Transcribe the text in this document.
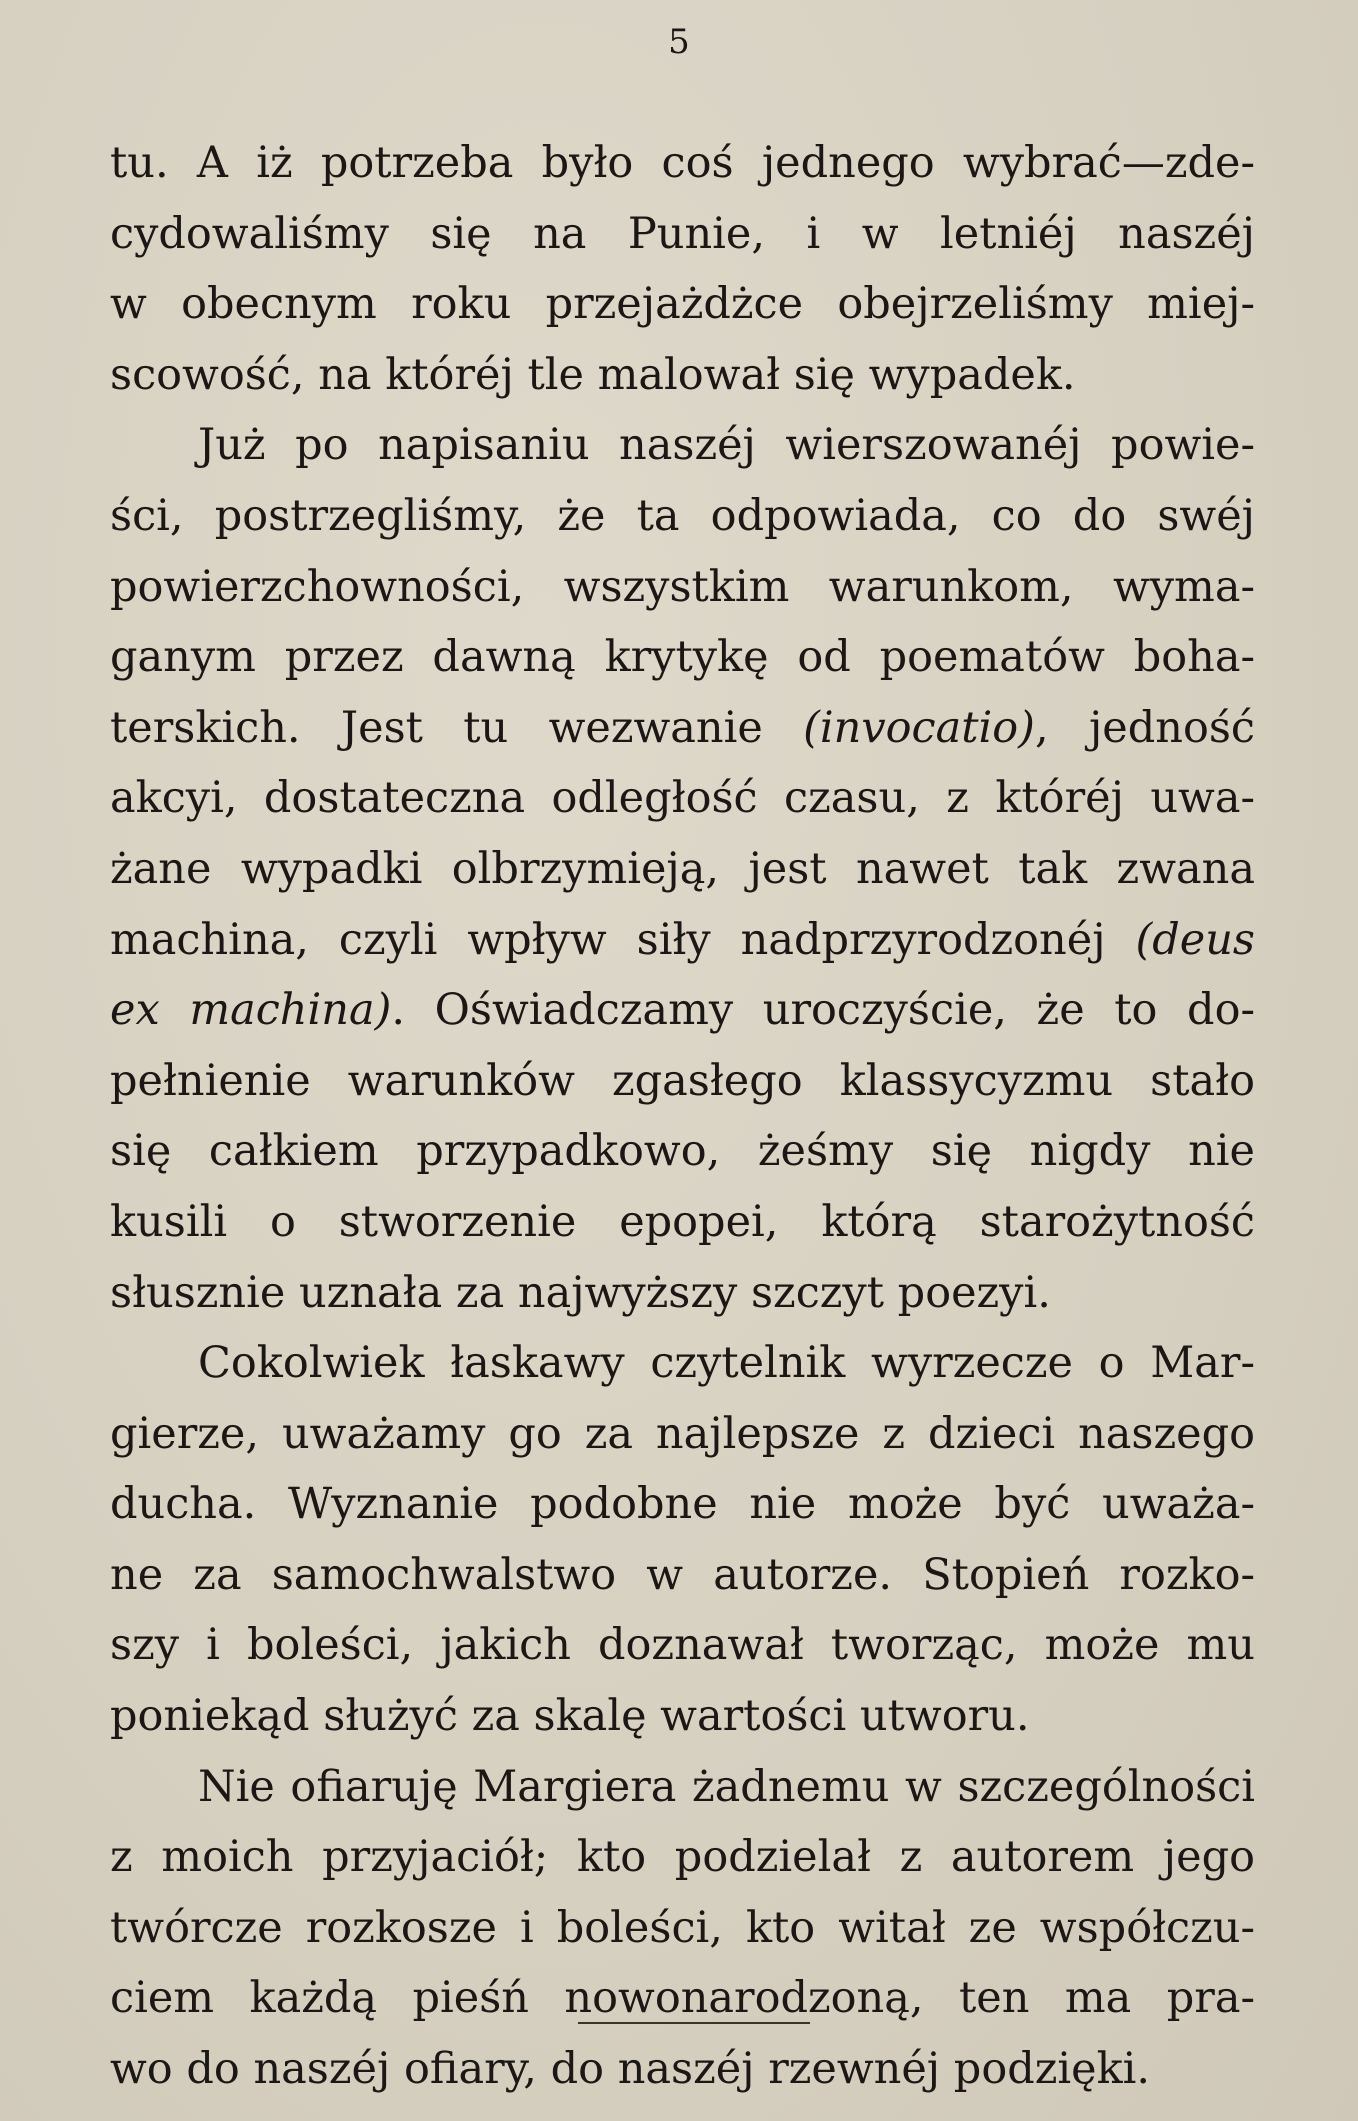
5
tu. A iż potrzeba było coś jednego wybrać—zde-
cydowaliśmy się na Punie, i w letniéj naszéj
w obecnym roku przejażdżce obejrzeliśmy miej-
scowość, na któréj tle malował się wypadek.
Już po napisaniu naszéj wierszowanéj powie-
ści, postrzegliśmy, że ta odpowiada, co do swéj
powierzchowności, wszystkim warunkom, wyma-
ganym przez dawną krytykę od poematów boha-
terskich. Jest tu wezwanie (invocatio), jedność
akcyi, dostateczna odległość czasu, z któréj uwa-
żane wypadki olbrzymieją, jest nawet tak zwana
machina, czyli wpływ siły nadprzyrodzonéj (deus
ex machina). Oświadczamy uroczyście, że to do-
pełnienie warunków zgasłego klassycyzmu stało
się całkiem przypadkowo, żeśmy się nigdy nie
kusili o stworzenie epopei, którą starożytność
słusznie uznała za najwyższy szczyt poezyi.
Cokolwiek łaskawy czytelnik wyrzecze o Mar-
gierze, uważamy go za najlepsze z dzieci naszego
ducha. Wyznanie podobne nie może być uważa-
ne za samochwalstwo w autorze. Stopień rozko-
szy i boleści, jakich doznawał tworząc, może mu
poniekąd służyć za skalę wartości utworu.
Nie ofiaruję Margiera żadnemu w szczególności
z moich przyjaciół; kto podzielał z autorem jego
twórcze rozkosze i boleści, kto witał ze współczu-
ciem każdą pieśń nowonarodzoną, ten ma pra-
wo do naszéj ofiary, do naszéj rzewnéj podzięki.
